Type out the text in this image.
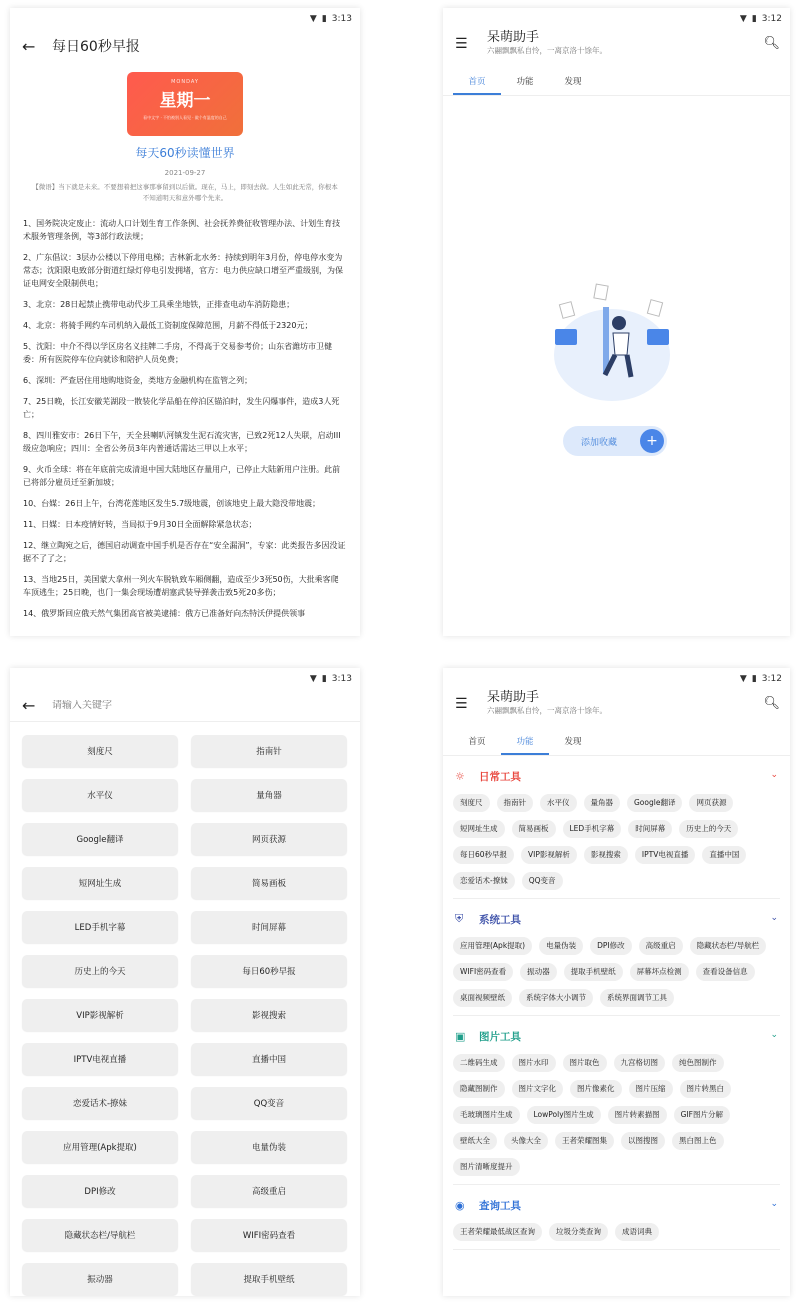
▼ ▮ 3:13
←	每日60秒早报
MONDAY
星期一
看中文字 · 不怕被别人看见 · 做个有温度的自己
每天60秒读懂世界
2021-09-27
【微语】当下就是未来。不要想着把这事那事留到以后做。现在，马上，即刻去做。人生如此无常，你根本不知道明天和意外哪个先来。

1、国务院决定废止：流动人口计划生育工作条例、社会抚养费征收管理办法、计划生育技术服务管理条例，等3部行政法规；

2、广东倡议：3层办公楼以下停用电梯；吉林新北水务：持续到明年3月份，停电停水变为常态；沈阳限电致部分街道红绿灯停电引发拥堵，官方：电力供应缺口增至严重级别，为保证电网安全限制供电；

3、北京：28日起禁止携带电动代步工具乘坐地铁，正排查电动车消防隐患；

4、北京：将骑手网约车司机纳入最低工资制度保障范围，月薪不得低于2320元；

5、沈阳：中介不得以学区房名义挂牌二手房，不得高于交易参考价；山东省潍坊市卫健委：所有医院停车位向就诊和陪护人员免费；

6、深圳：严查居住用地购地资金，类地方金融机构在监管之列；

7、25日晚，长江安徽芜湖段一散装化学品船在停泊区锚泊时，发生闪爆事件，造成3人死亡；

8、四川雅安市：26日下午，天全县喇叭河镇发生泥石流灾害，已致2死12人失联，启动III级应急响应；四川：全省公务员3年内普通话需达三甲以上水平；

9、火币全球：将在年底前完成清退中国大陆地区存量用户，已停止大陆新用户注册。此前已将部分雇员迁至新加坡；

10、台媒：26日上午，台湾花莲地区发生5.7级地震，创该地史上最大隐没带地震；

11、日媒：日本疫情好转，当局拟于9月30日全面解除紧急状态；

12、继立陶宛之后，德国启动调查中国手机是否存在“安全漏洞”，专家：此类报告多因没证据不了了之；

13、当地25日，美国蒙大拿州一列火车脱轨致车厢侧翻，造成至少3死50伤，大批乘客爬车顶逃生；25日晚，也门一集会现场遭胡塞武装导弹袭击致5死20多伤；

14、俄罗斯回应俄天然气集团高官被美逮捕：俄方已准备好向杰特沃伊提供领事

▼ ▮ 3:12
☰	呆萌助手
六翮飘飘私自怜，一离京洛十馀年。	🔍︎
首页	功能	发现
添加收藏	+
▼ ▮ 3:13
←
请输入关键字
刻度尺	指南针
水平仪	量角器
Google翻译	网页获源
短网址生成	简易画板
LED手机字幕	时间屏幕
历史上的今天	每日60秒早报
VIP影视解析	影视搜索
IPTV电视直播	直播中国
恋爱话术-撩妹	QQ变音
应用管理(Apk提取)	电量伪装
DPI修改	高级重启
隐藏状态栏/导航栏	WIFI密码查看
振动器	提取手机壁纸
▼ ▮ 3:12
☰	呆萌助手
六翮飘飘私自怜，一离京洛十馀年。	🔍︎
首页	功能	发现
☼	日常工具	⌄
刻度尺	指南针	水平仪	量角器	Google翻译	网页获源
短网址生成	简易画板	LED手机字幕	时间屏幕	历史上的今天
每日60秒早报	VIP影视解析	影视搜索	IPTV电视直播	直播中国
恋爱话术-撩妹	QQ变音
⛨	系统工具	⌄
应用管理(Apk提取)	电量伪装	DPI修改	高级重启	隐藏状态栏/导航栏
WIFI密码查看	振动器	提取手机壁纸	屏幕坏点检测	查看设备信息
桌面视频壁纸	系统字体大小调节	系统界面调节工具
▣	图片工具	⌄
二维码生成	图片水印	图片取色	九宫格切图	纯色图制作
隐藏图制作	图片文字化	图片像素化	图片压缩	图片转黑白
毛玻璃图片生成	LowPoly图片生成	图片转素描图	GIF图片分解
壁纸大全	头像大全	王者荣耀图集	以图搜图	黑白图上色
图片清晰度提升
◉	查询工具	⌄
王者荣耀最低战区查询	垃圾分类查询	成语词典
